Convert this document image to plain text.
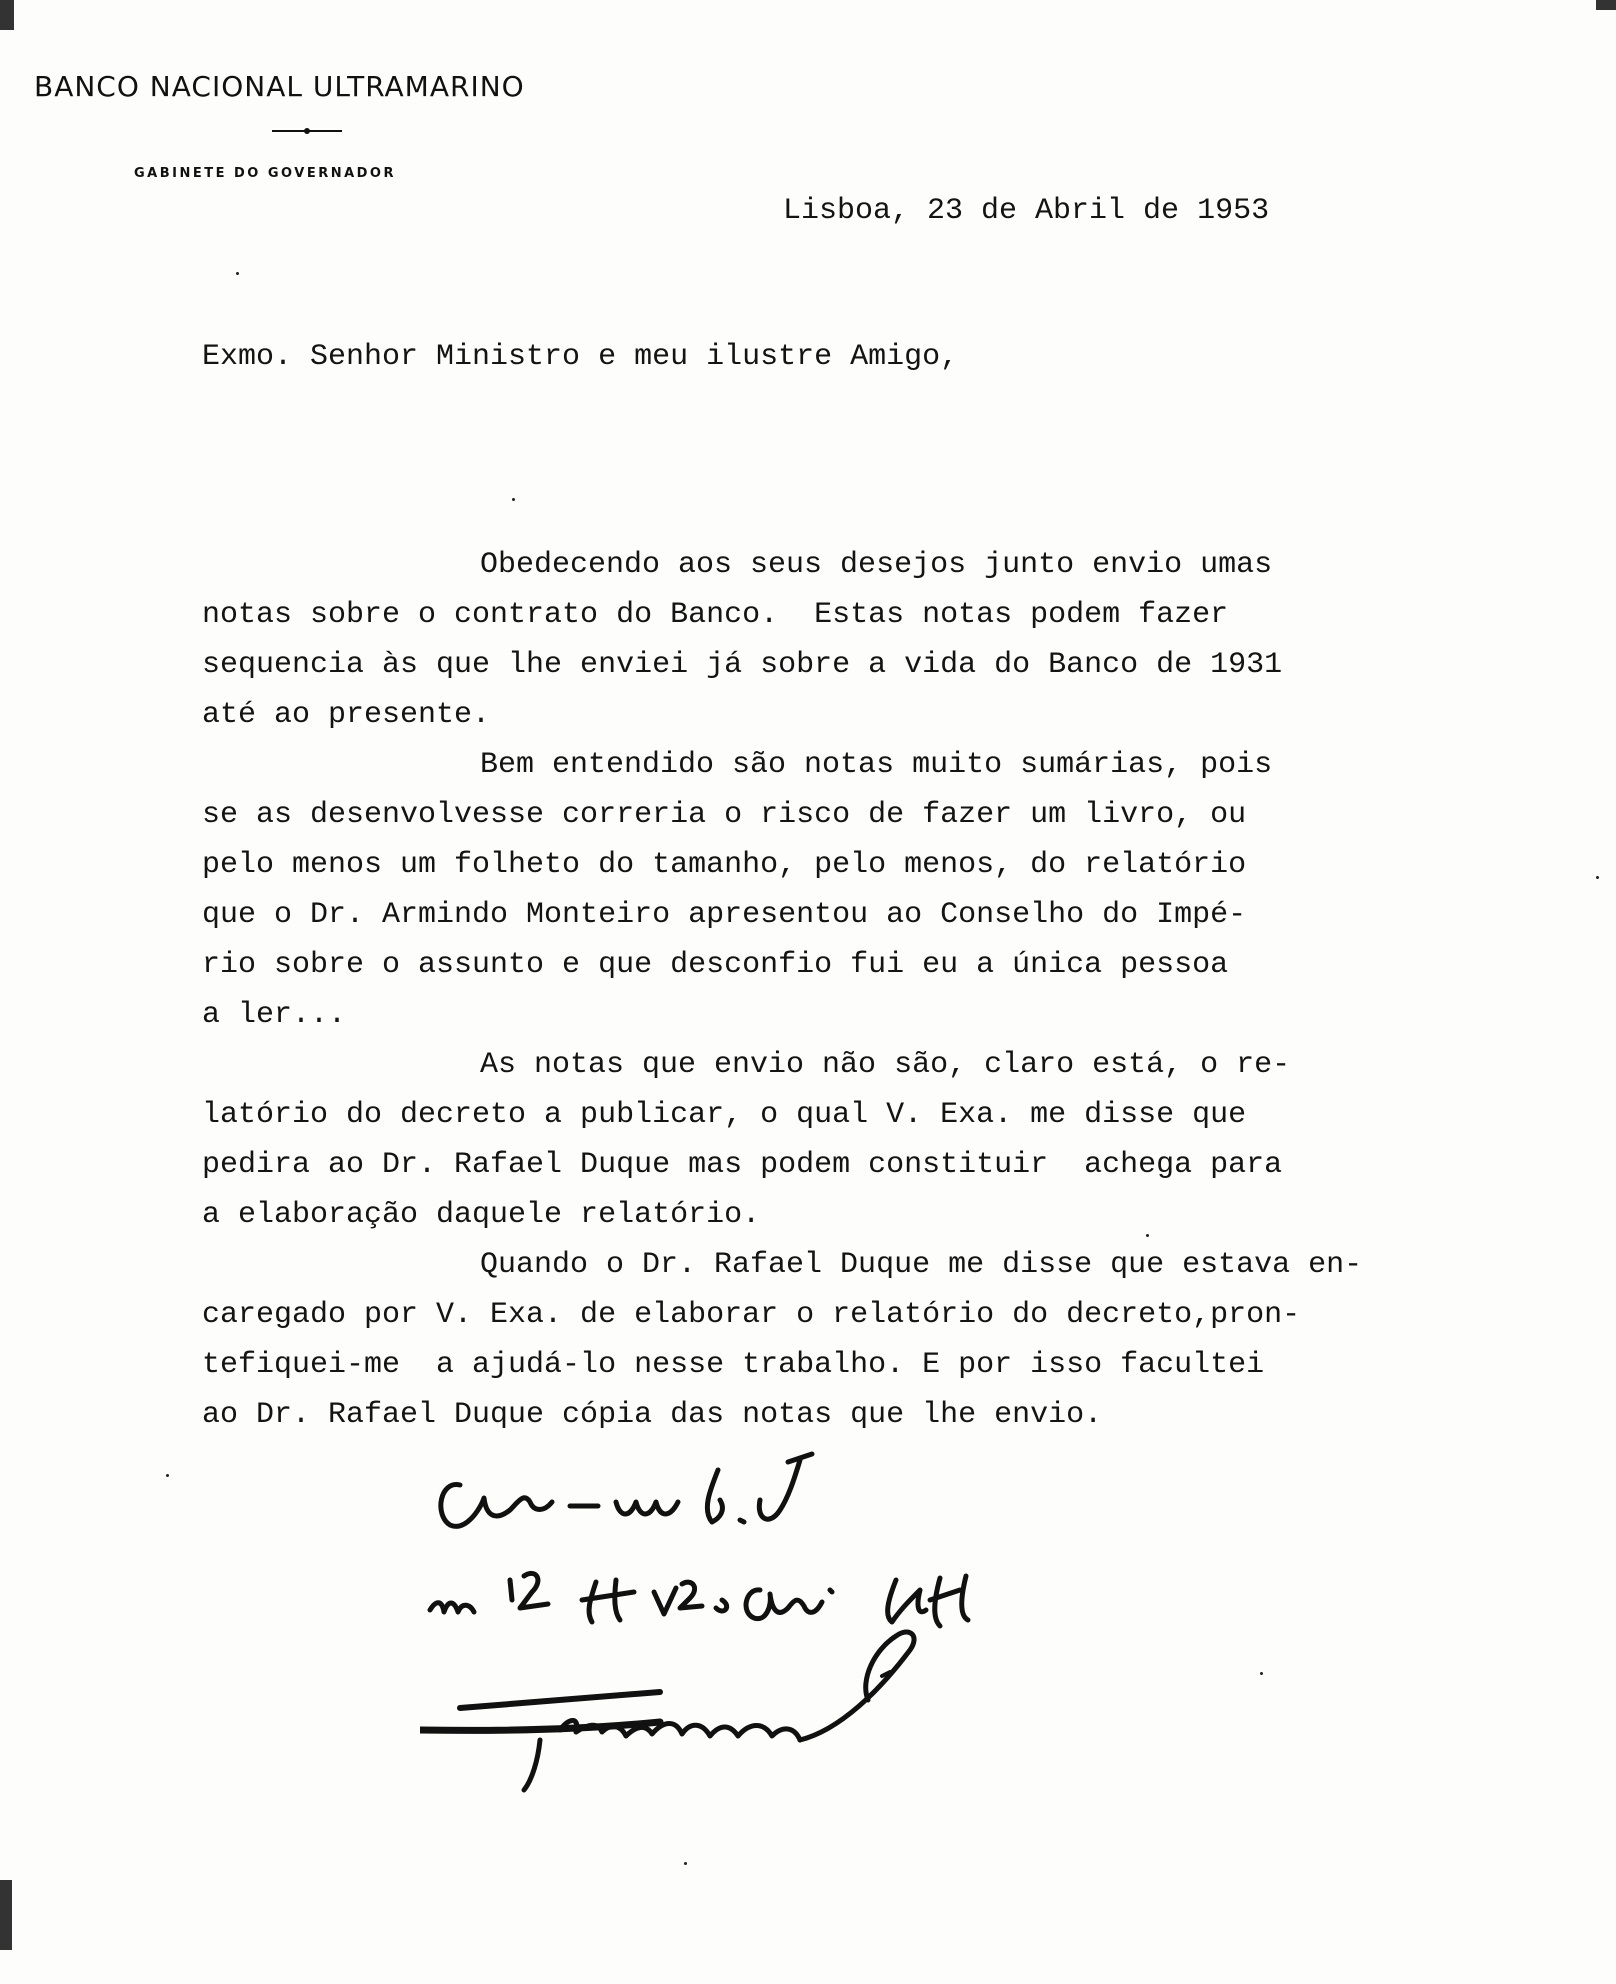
BANCO NACIONAL ULTRAMARINO
GABINETE DO GOVERNADOR
Lisboa, 23 de Abril de 1953
Exmo. Senhor Ministro e meu ilustre Amigo,
Obedecendo aos seus desejos junto envio umas
notas sobre o contrato do Banco.  Estas notas podem fazer
sequencia às que lhe enviei já sobre a vida do Banco de 1931
até ao presente.
Bem entendido são notas muito sumárias, pois
se as desenvolvesse correria o risco de fazer um livro, ou
pelo menos um folheto do tamanho, pelo menos, do relatório
que o Dr. Armindo Monteiro apresentou ao Conselho do Impé-
rio sobre o assunto e que desconfio fui eu a única pessoa
a ler...
As notas que envio não são, claro está, o re-
latório do decreto a publicar, o qual V. Exa. me disse que
pedira ao Dr. Rafael Duque mas podem constituir  achega para
a elaboração daquele relatório.
Quando o Dr. Rafael Duque me disse que estava en-
caregado por V. Exa. de elaborar o relatório do decreto,pron-
tefiquei-me  a ajudá-lo nesse trabalho. E por isso facultei
ao Dr. Rafael Duque cópia das notas que lhe envio.
